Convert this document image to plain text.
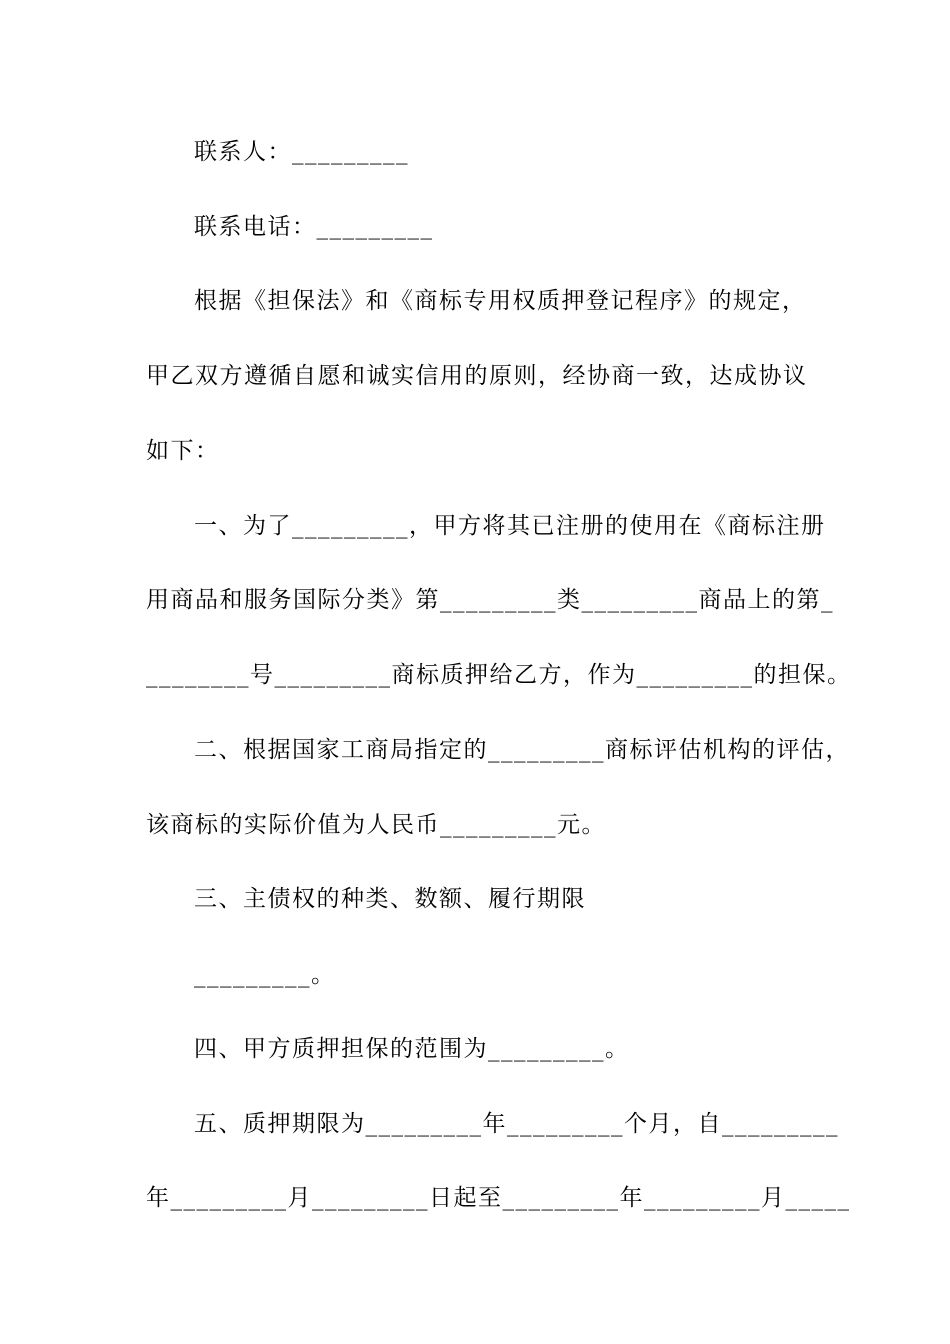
联系人：_________
联系电话：_________
根据《担保法》和《商标专用权质押登记程序》的规定，
甲乙双方遵循自愿和诚实信用的原则，经协商一致，达成协议
如下：
一、为了_________，甲方将其已注册的使用在《商标注册
用商品和服务国际分类》第_________类_________商品上的第_
________号_________商标质押给乙方，作为_________的担保。
二、根据国家工商局指定的_________商标评估机构的评估，
该商标的实际价值为人民币_________元。
三、主债权的种类、数额、履行期限
_________。
四、甲方质押担保的范围为_________。
五、质押期限为_________年_________个月，自_________
年_________月_________日起至_________年_________月_____
